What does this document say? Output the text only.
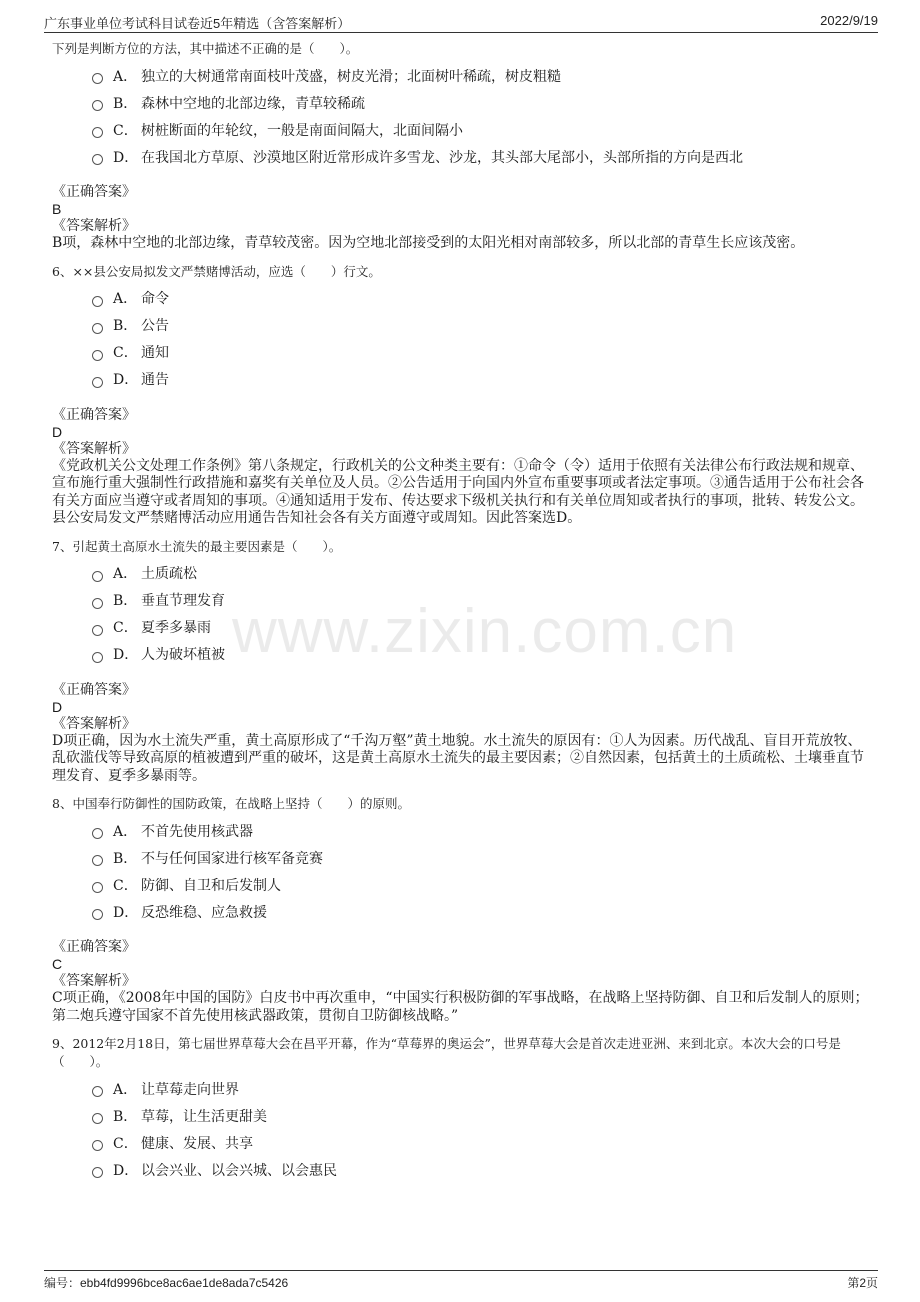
广东事业单位考试科目试卷近5年精选（含答案解析）	2022/9/19
www.zixin.com.cn

下列是判断方位的方法，其中描述不正确的是（　　）。

A． 独立的大树通常南面枝叶茂盛，树皮光滑；北面树叶稀疏，树皮粗糙
B． 森林中空地的北部边缘，青草较稀疏
C． 树桩断面的年轮纹，一般是南面间隔大，北面间隔小
D． 在我国北方草原、沙漠地区附近常形成许多雪龙、沙龙，其头部大尾部小，头部所指的方向是西北
《正确答案》
B
《答案解析》
B项，森林中空地的北部边缘，青草较茂密。因为空地北部接受到的太阳光相对南部较多，所以北部的青草生长应该茂密。

6、××县公安局拟发文严禁赌博活动，应选（　　）行文。

A． 命令
B． 公告
C． 通知
D． 通告
《正确答案》
D
《答案解析》
《党政机关公文处理工作条例》第八条规定，行政机关的公文种类主要有：①命令（令）适用于依照有关法律公布行政法规和规章、宣布施行重大强制性行政措施和嘉奖有关单位及人员。②公告适用于向国内外宣布重要事项或者法定事项。③通告适用于公布社会各有关方面应当遵守或者周知的事项。④通知适用于发布、传达要求下级机关执行和有关单位周知或者执行的事项，批转、转发公文。县公安局发文严禁赌博活动应用通告告知社会各有关方面遵守或周知。因此答案选D。

7、引起黄土高原水土流失的最主要因素是（　　）。

A． 土质疏松
B． 垂直节理发育
C． 夏季多暴雨
D． 人为破坏植被
《正确答案》
D
《答案解析》
D项正确，因为水土流失严重，黄土高原形成了“千沟万壑”黄土地貌。水土流失的原因有：①人为因素。历代战乱、盲目开荒放牧、乱砍滥伐等导致高原的植被遭到严重的破坏，这是黄土高原水土流失的最主要因素；②自然因素，包括黄土的土质疏松、土壤垂直节理发育、夏季多暴雨等。

8、中国奉行防御性的国防政策，在战略上坚持（　　）的原则。

A． 不首先使用核武器
B． 不与任何国家进行核军备竞赛
C． 防御、自卫和后发制人
D． 反恐维稳、应急救援
《正确答案》
C
《答案解析》
C项正确，《2008年中国的国防》白皮书中再次重申，“中国实行积极防御的军事战略，在战略上坚持防御、自卫和后发制人的原则；第二炮兵遵守国家不首先使用核武器政策，贯彻自卫防御核战略。”

9、2012年2月18日，第七届世界草莓大会在昌平开幕，作为“草莓界的奥运会”，世界草莓大会是首次走进亚洲、来到北京。本次大会的口号是（　　）。

A． 让草莓走向世界
B． 草莓，让生活更甜美
C． 健康、发展、共享
D． 以会兴业、以会兴城、以会惠民
编号：ebb4fd9996bce8ac6ae1de8ada7c5426	第2页
